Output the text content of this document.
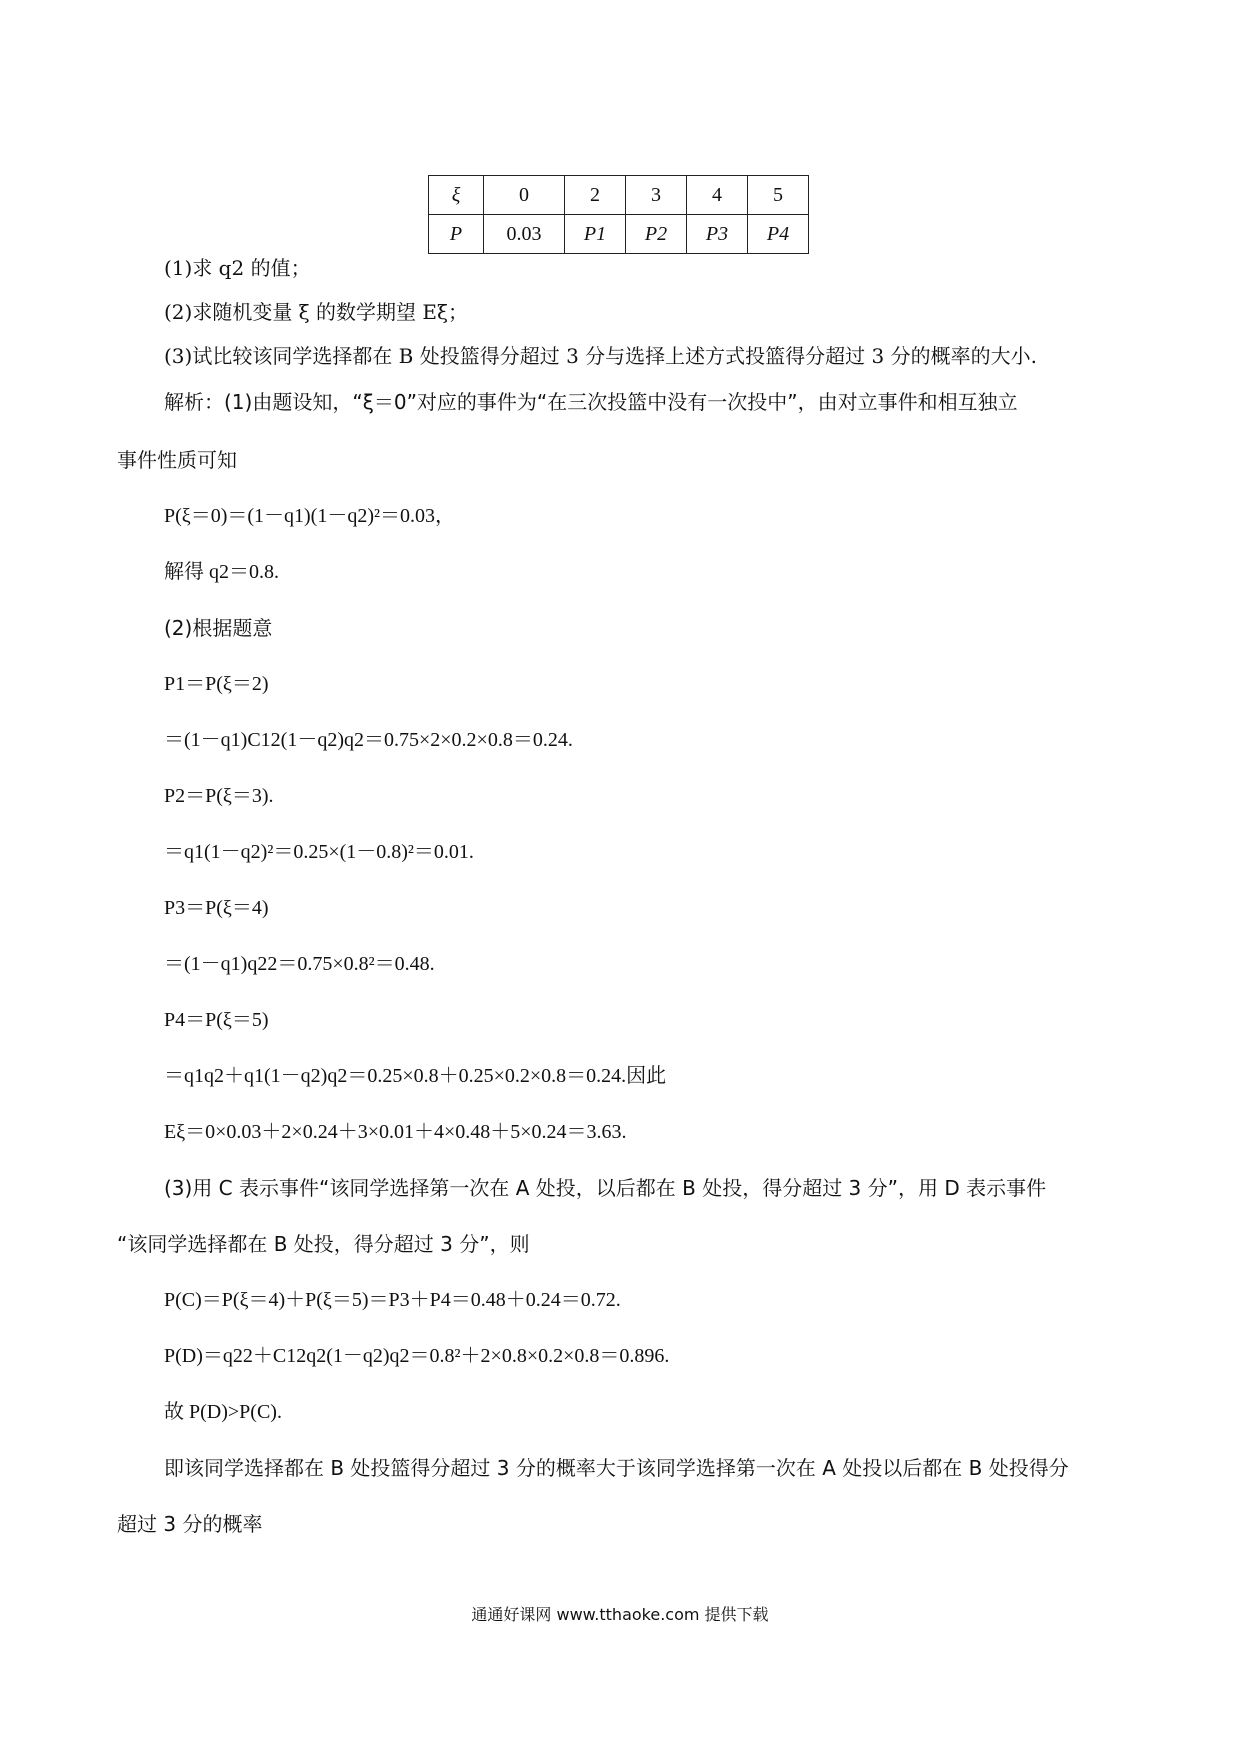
ξ	0	2	3	4	5
P	0.03	P1	P2	P3	P4
(1)求 q2 的值；
(2)求随机变量 ξ 的数学期望 Eξ；
(3)试比较该同学选择都在 B 处投篮得分超过 3 分与选择上述方式投篮得分超过 3 分的概率的大小.
解析：(1)由题设知，“ξ＝0”对应的事件为“在三次投篮中没有一次投中”，由对立事件和相互独立
事件性质可知
P(ξ＝0)＝(1－q1)(1－q2)²＝0.03，
解得 q2＝0.8.
(2)根据题意
P1＝P(ξ＝2)
＝(1－q1)C12(1－q2)q2＝0.75×2×0.2×0.8＝0.24.
P2＝P(ξ＝3).
＝q1(1－q2)²＝0.25×(1－0.8)²＝0.01.
P3＝P(ξ＝4)
＝(1－q1)q22＝0.75×0.8²＝0.48.
P4＝P(ξ＝5)
＝q1q2＋q1(1－q2)q2＝0.25×0.8＋0.25×0.2×0.8＝0.24.因此
Eξ＝0×0.03＋2×0.24＋3×0.01＋4×0.48＋5×0.24＝3.63.
(3)用 C 表示事件“该同学选择第一次在 A 处投，以后都在 B 处投，得分超过 3 分”，用 D 表示事件
“该同学选择都在 B 处投，得分超过 3 分”，则
P(C)＝P(ξ＝4)＋P(ξ＝5)＝P3＋P4＝0.48＋0.24＝0.72.
P(D)＝q22＋C12q2(1－q2)q2＝0.8²＋2×0.8×0.2×0.8＝0.896.
故 P(D)>P(C).
即该同学选择都在 B 处投篮得分超过 3 分的概率大于该同学选择第一次在 A 处投以后都在 B 处投得分
超过 3 分的概率
通通好课网 www.tthaoke.com 提供下载
